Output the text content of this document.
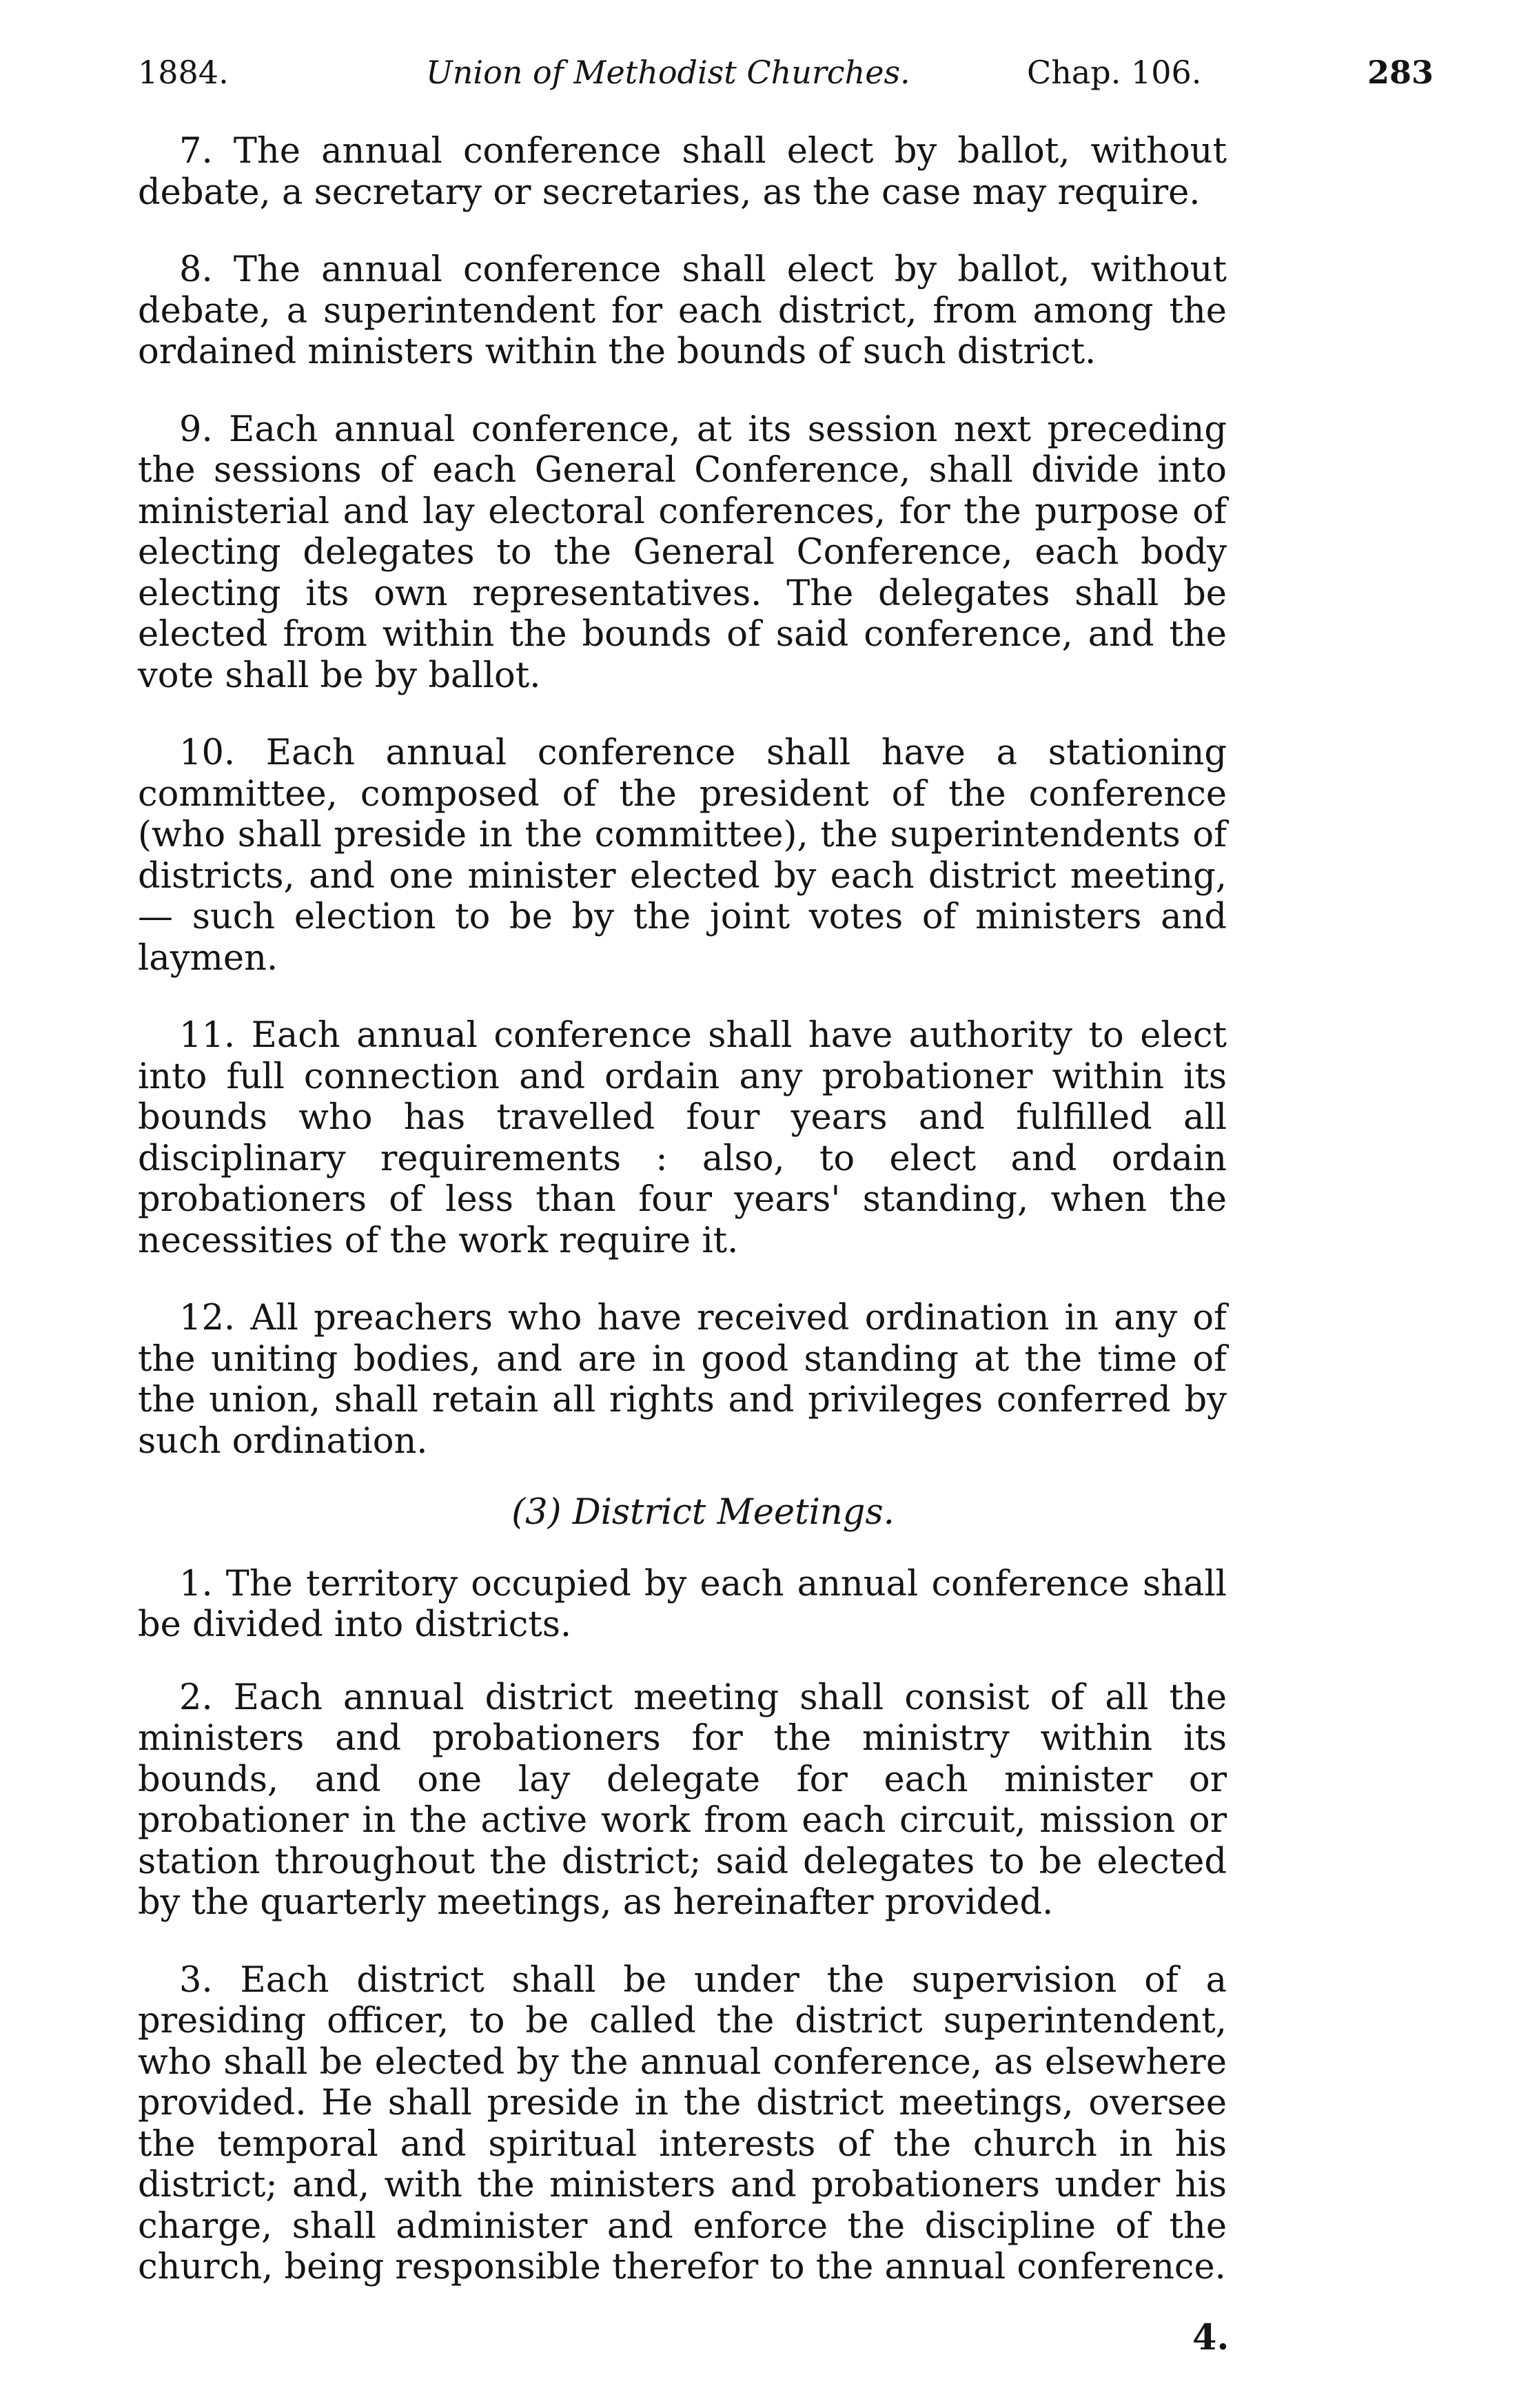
1884.	Union of Methodist Churches.	Chap. 106.	283

7. The annual conference shall elect by ballot, without debate, a secretary or secretaries, as the case may require.

8. The annual conference shall elect by ballot, without debate, a superintendent for each district, from among the ordained ministers within the bounds of such district.

9. Each annual conference, at its session next preceding the sessions of each General Conference, shall divide into ministerial and lay electoral conferences, for the purpose of electing delegates to the General Conference, each body electing its own representatives. The delegates shall be elected from within the bounds of said conference, and the vote shall be by ballot.

10. Each annual conference shall have a stationing committee, composed of the president of the conference (who shall preside in the committee), the superintendents of districts, and one minister elected by each district meeting,— such election to be by the joint votes of ministers and laymen.

11. Each annual conference shall have authority to elect into full connection and ordain any probationer within its bounds who has travelled four years and fulfilled all disciplinary requirements : also, to elect and ordain probationers of less than four years' standing, when the necessities of the work require it.

12. All preachers who have received ordination in any of the uniting bodies, and are in good standing at the time of the union, shall retain all rights and privileges conferred by such ordination.

(3) District Meetings.

1. The territory occupied by each annual conference shall be divided into districts.

2. Each annual district meeting shall consist of all the ministers and probationers for the ministry within its bounds, and one lay delegate for each minister or probationer in the active work from each circuit, mission or station throughout the district; said delegates to be elected by the quarterly meetings, as hereinafter provided.

3. Each district shall be under the supervision of a presiding officer, to be called the district superintendent, who shall be elected by the annual conference, as elsewhere provided. He shall preside in the district meetings, oversee the temporal and spiritual interests of the church in his district; and, with the ministers and probationers under his charge, shall administer and enforce the discipline of the church, being responsible therefor to the annual conference.

4.
